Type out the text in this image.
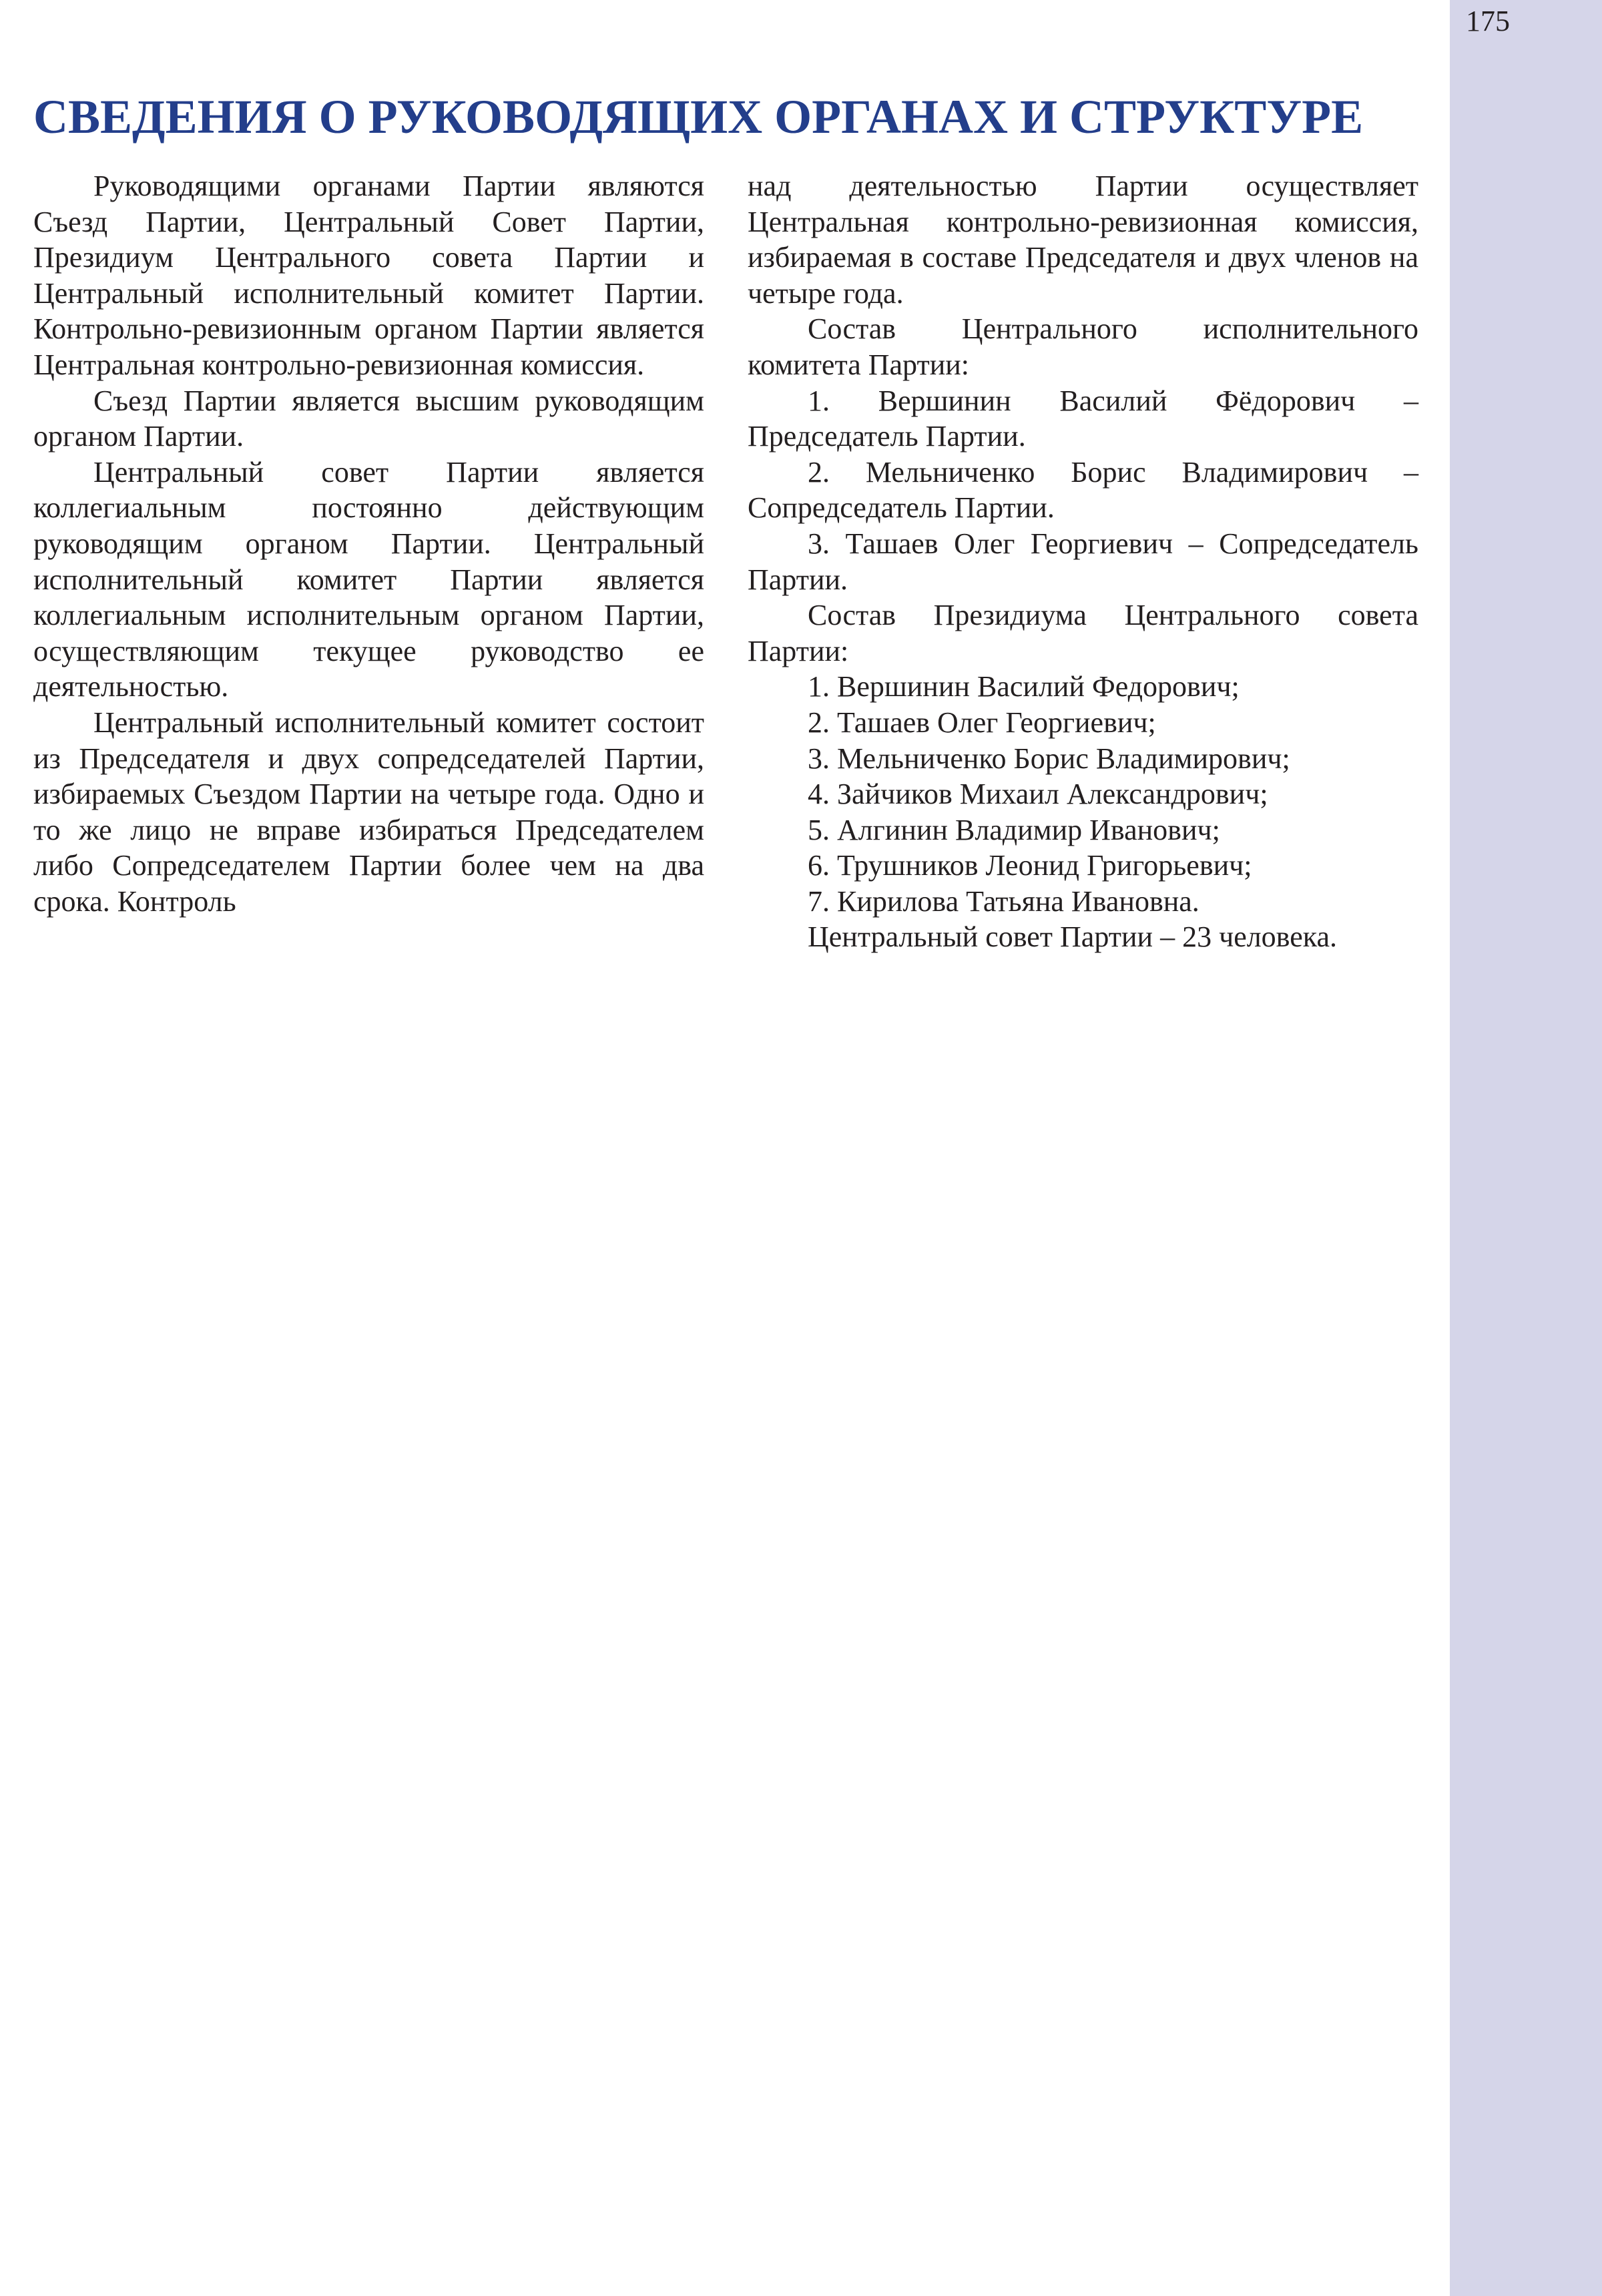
175
СВЕДЕНИЯ О РУКОВОДЯЩИХ ОРГАНАХ И СТРУКТУРЕ

Руководящими органами Партии являются Съезд Партии, Центральный Совет Партии, Президиум Центрального совета Партии и Центральный исполнительный комитет Партии. Контрольно-ревизионным органом Партии является Центральная контрольно-ревизионная комиссия.

Съезд Партии является высшим руководящим органом Партии.

Центральный совет Партии является коллегиальным постоянно действующим руководящим органом Партии. Центральный исполнительный комитет Партии является коллегиальным исполнительным органом Партии, осуществляющим текущее руководство ее деятельностью.

Центральный исполнительный комитет состоит из Председателя и двух сопредседателей Партии, избираемых Съездом Партии на четыре года. Одно и то же лицо не вправе избираться Председателем либо Сопредседателем Партии более чем на два срока. Контроль

над деятельностью Партии осуществляет Центральная контрольно-ревизионная комиссия, избираемая в составе Председателя и двух членов на четыре года.

Состав Центрального исполнительного комитета Партии:

1. Вершинин Василий Фёдорович – Председатель Партии.
2. Мельниченко Борис Владимирович – Сопредседатель Партии.
3. Ташаев Олег Георгиевич – Сопредседатель Партии.

Состав Президиума Центрального совета Партии:

1. Вершинин Василий Федорович;
2. Ташаев Олег Георгиевич;
3. Мельниченко Борис Владимирович;
4. Зайчиков Михаил Александрович;
5. Алгинин Владимир Иванович;
6. Трушников Леонид Григорьевич;
7. Кирилова Татьяна Ивановна.

Центральный совет Партии – 23 человека.
